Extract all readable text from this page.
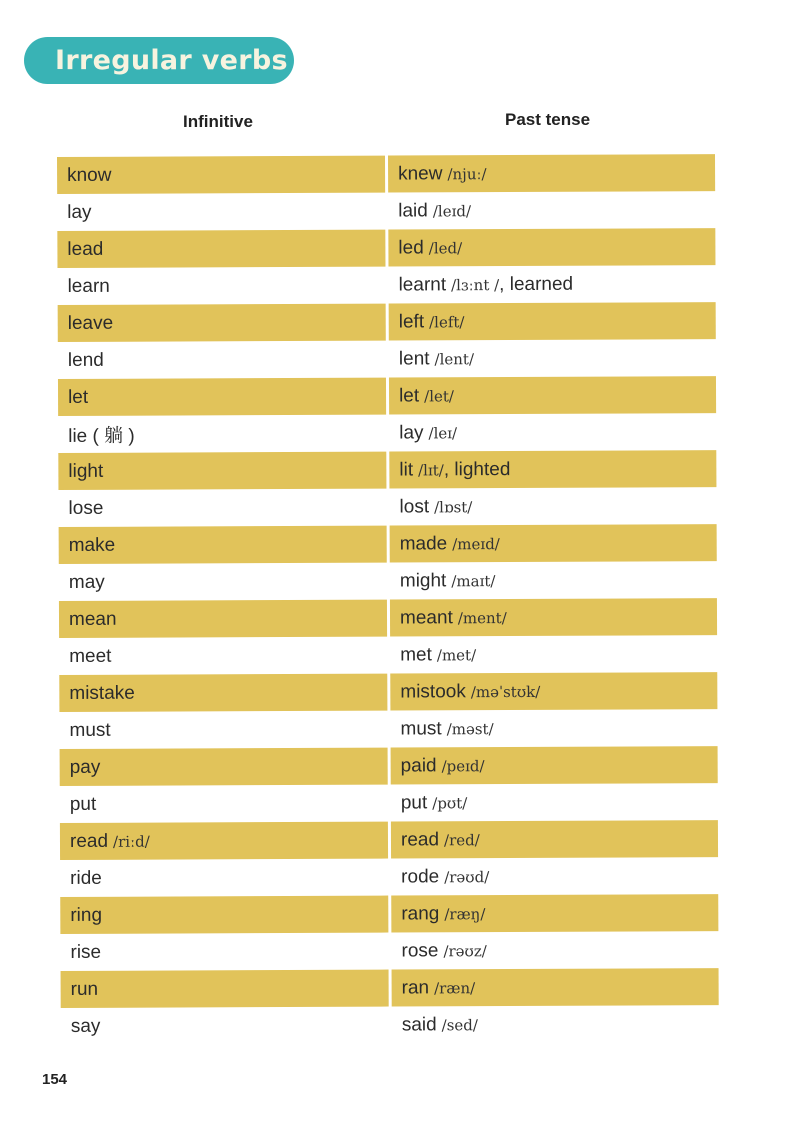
Irregular verbs
Infinitive	Past tense
know	knew /njuː/
lay	laid /leɪd/
lead	led /led/
learn	learnt /lɜːnt / , learned
leave	left /left/
lend	lent /lent/
let	let /let/
lie ( 躺 )	lay /leɪ/
light	lit /lɪt/ , lighted
lose	lost /lɒst/
make	made /meɪd/
may	might /maɪt/
mean	meant /ment/
meet	met /met/
mistake	mistook /məˈstʊk/
must	must /məst/
pay	paid /peɪd/
put	put /pʊt/
read /riːd/	read /red/
ride	rode /rəʊd/
ring	rang /ræŋ/
rise	rose /rəʊz/
run	ran /ræn/
say	said /sed/
154
